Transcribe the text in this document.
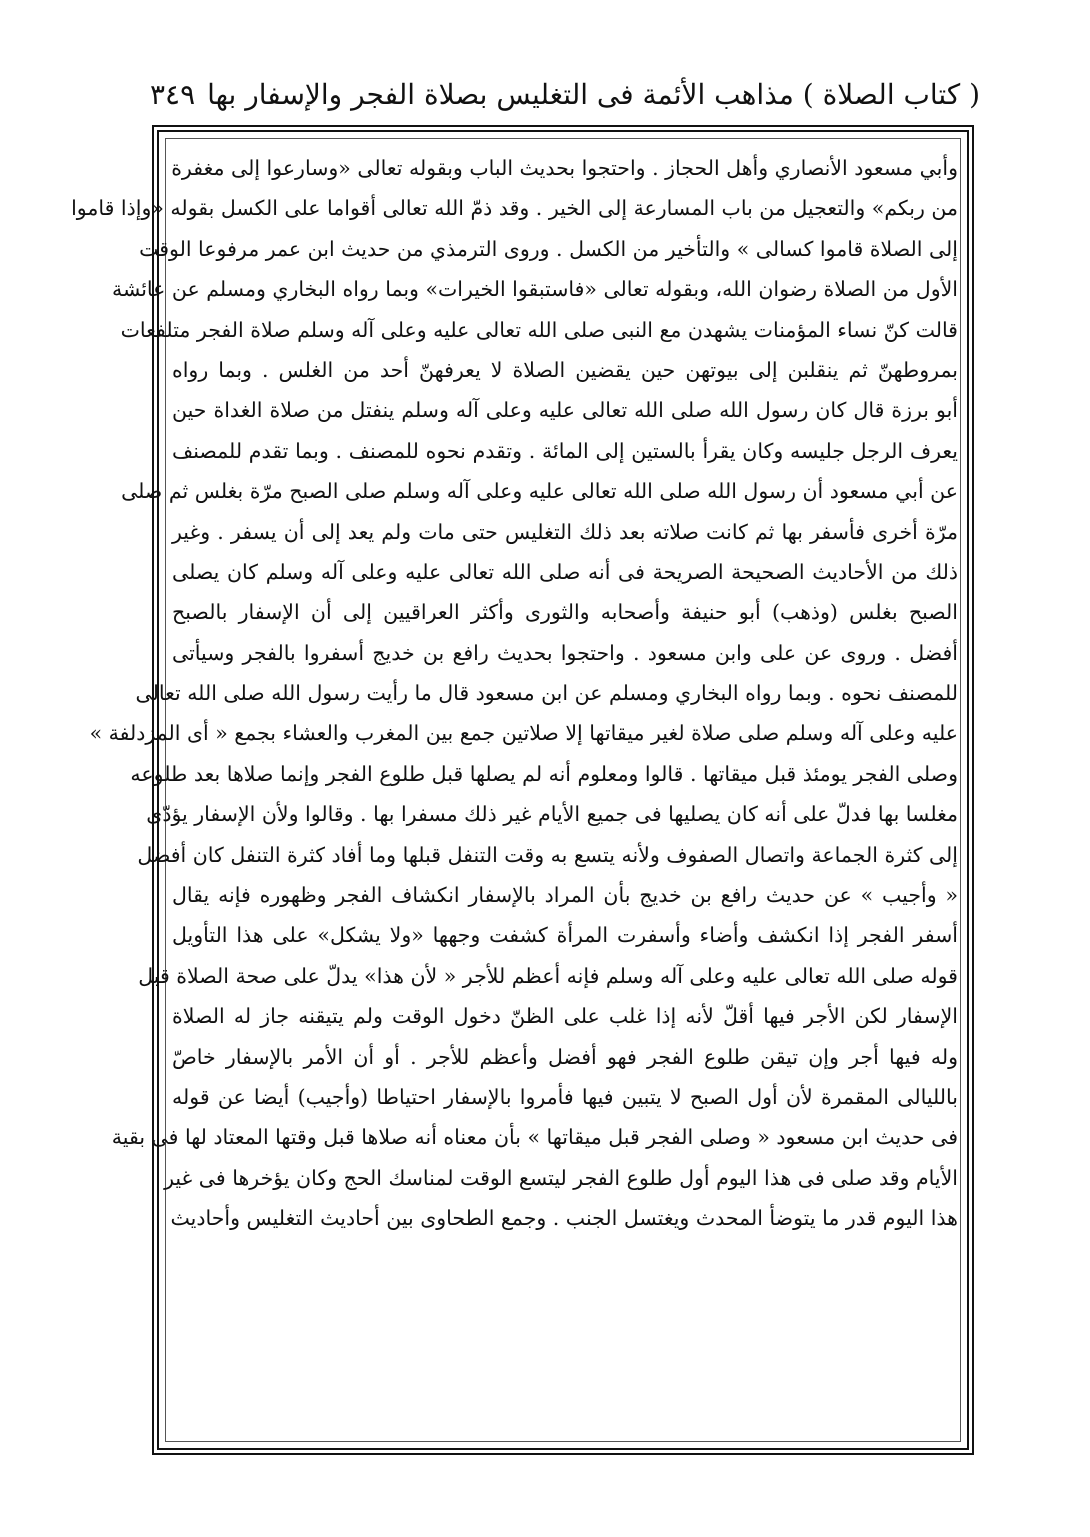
( كتاب الصلاة ) مذاهب الأئمة فى التغليس بصلاة الفجر والإسفار بها
٣٤٩
وأبي مسعود الأنصاري وأهل الحجاز . واحتجوا بحديث الباب وبقوله تعالى «وسارعوا إلى مغفرة
من ربكم» والتعجيل من باب المسارعة إلى الخير . وقد ذمّ الله تعالى أقواما على الكسل بقوله «وإذا قاموا
إلى الصلاة قاموا كسالى » والتأخير من الكسل . وروى الترمذي من حديث ابن عمر مرفوعا الوقت
الأول من الصلاة رضوان الله، وبقوله تعالى «فاستبقوا الخيرات» وبما رواه البخاري ومسلم عن عائشة
قالت كنّ نساء المؤمنات يشهدن مع النبى صلى الله تعالى عليه وعلى آله وسلم صلاة الفجر متلفعات
بمروطهنّ ثم ينقلبن إلى بيوتهن حين يقضين الصلاة لا يعرفهنّ أحد من الغلس . وبما رواه
أبو برزة قال كان رسول الله صلى الله تعالى عليه وعلى آله وسلم ينفتل من صلاة الغداة حين
يعرف الرجل جليسه وكان يقرأ بالستين إلى المائة . وتقدم نحوه للمصنف . وبما تقدم للمصنف
عن أبي مسعود أن رسول الله صلى الله تعالى عليه وعلى آله وسلم صلى الصبح مرّة بغلس ثم صلى
مرّة أخرى فأسفر بها ثم كانت صلاته بعد ذلك التغليس حتى مات ولم يعد إلى أن يسفر . وغير
ذلك من الأحاديث الصحيحة الصريحة فى أنه صلى الله تعالى عليه وعلى آله وسلم كان يصلى
الصبح بغلس (وذهب) أبو حنيفة وأصحابه والثورى وأكثر العراقيين إلى أن الإسفار بالصبح
أفضل . وروى عن على وابن مسعود . واحتجوا بحديث رافع بن خديج أسفروا بالفجر وسيأتى
للمصنف نحوه . وبما رواه البخاري ومسلم عن ابن مسعود قال ما رأيت رسول الله صلى الله تعالى
عليه وعلى آله وسلم صلى صلاة لغير ميقاتها إلا صلاتين جمع بين المغرب والعشاء بجمع « أى المزدلفة »
وصلى الفجر يومئذ قبل ميقاتها . قالوا ومعلوم أنه لم يصلها قبل طلوع الفجر وإنما صلاها بعد طلوعه
مغلسا بها فدلّ على أنه كان يصليها فى جميع الأيام غير ذلك مسفرا بها . وقالوا ولأن الإسفار يؤدّى
إلى كثرة الجماعة واتصال الصفوف ولأنه يتسع به وقت التنفل قبلها وما أفاد كثرة التنفل كان أفضل
« وأجيب » عن حديث رافع بن خديج بأن المراد بالإسفار انكشاف الفجر وظهوره فإنه يقال
أسفر الفجر إذا انكشف وأضاء وأسفرت المرأة كشفت وجهها «ولا يشكل» على هذا التأويل
قوله صلى الله تعالى عليه وعلى آله وسلم فإنه أعظم للأجر « لأن هذا» يدلّ على صحة الصلاة قبل
الإسفار لكن الأجر فيها أقلّ لأنه إذا غلب على الظنّ دخول الوقت ولم يتيقنه جاز له الصلاة
وله فيها أجر وإن تيقن طلوع الفجر فهو أفضل وأعظم للأجر . أو أن الأمر بالإسفار خاصّ
بالليالى المقمرة لأن أول الصبح لا يتبين فيها فأمروا بالإسفار احتياطا (وأجيب) أيضا عن قوله
فى حديث ابن مسعود « وصلى الفجر قبل ميقاتها » بأن معناه أنه صلاها قبل وقتها المعتاد لها فى بقية
الأيام وقد صلى فى هذا اليوم أول طلوع الفجر ليتسع الوقت لمناسك الحج وكان يؤخرها فى غير
هذا اليوم قدر ما يتوضأ المحدث ويغتسل الجنب . وجمع الطحاوى بين أحاديث التغليس وأحاديث
